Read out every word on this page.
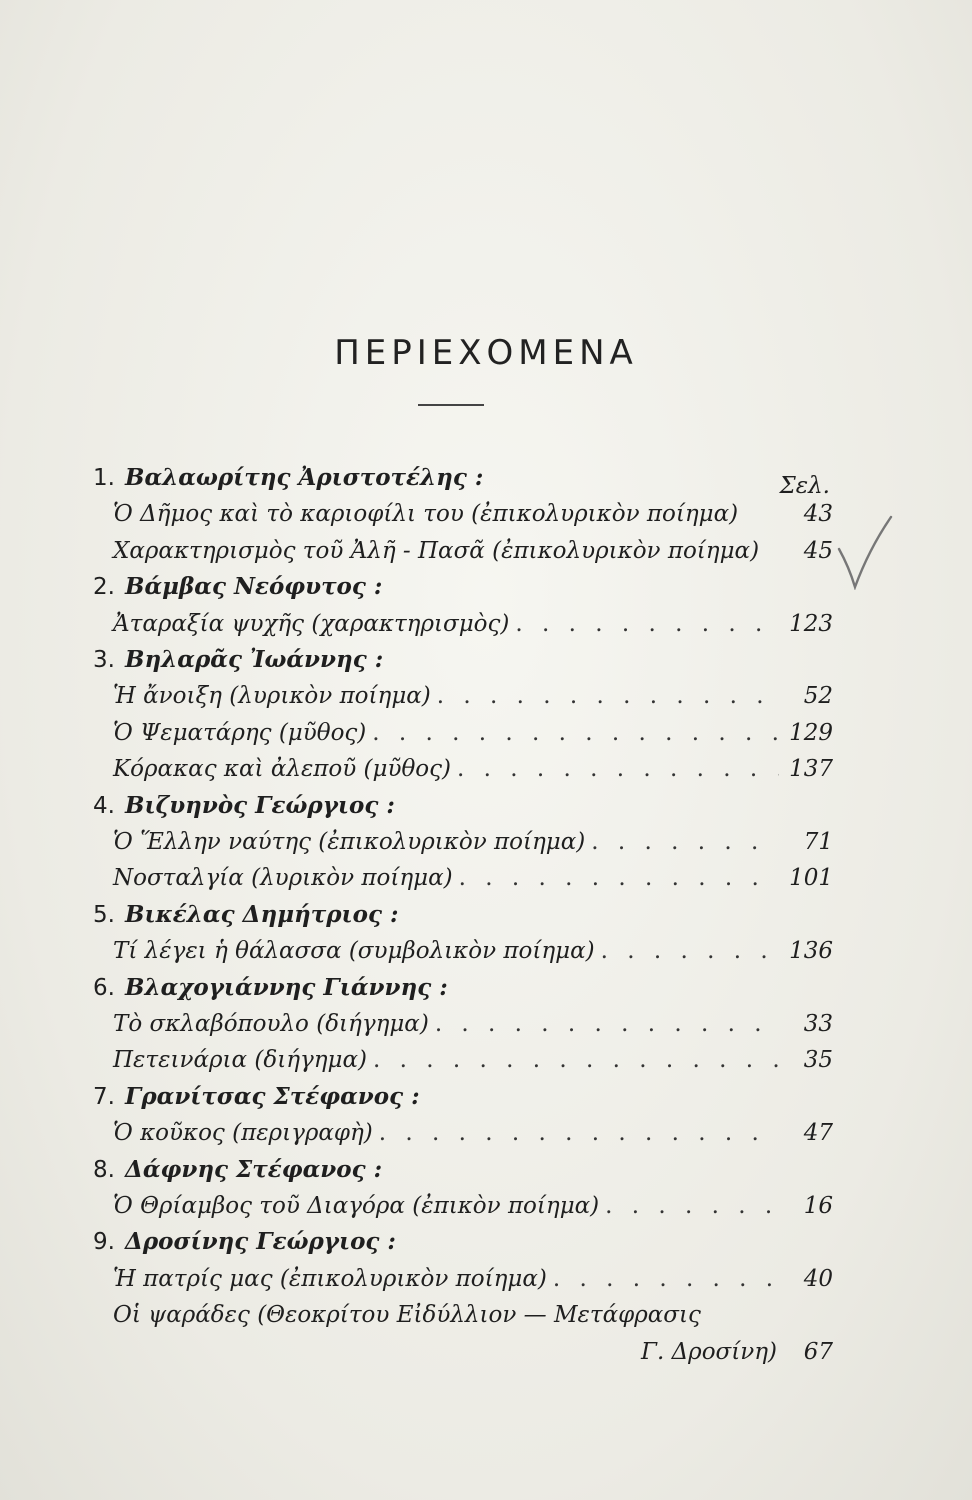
ΠΕΡΙΕΧΟΜΕΝΑ
Σελ.
1. Βαλαωρίτης Ἀριστοτέλης :
Ὁ Δῆμος καὶ τὸ καριοφίλι του (ἐπικολυρικὸν ποίημα)	43
Χαρακτηρισμὸς τοῦ Ἀλῆ - Πασᾶ (ἐπικολυρικὸν ποίημα)	45
2. Βάμβας Νεόφυτος :
Ἀταραξία ψυχῆς (χαρακτηρισμὸς) . . .	123
3. Βηλαρᾶς Ἰωάννης :
Ἡ ἄνοιξη (λυρικὸν ποίημα) . . .	52
Ὁ Ψεματάρης (μῦθος) . . .	129
Κόρακας καὶ ἀλεποῦ (μῦθος) . . .	137
4. Βιζυηνὸς Γεώργιος :
Ὁ Ἕλλην ναύτης (ἐπικολυρικὸν ποίημα) . . .	71
Νοσταλγία (λυρικὸν ποίημα) . . .	101
5. Βικέλας Δημήτριος :
Τί λέγει ἡ θάλασσα (συμβολικὸν ποίημα) . . .	136
6. Βλαχογιάννης Γιάννης :
Τὸ σκλαβόπουλο (διήγημα) . . .	33
Πετεινάρια (διήγημα) . . .	35
7. Γρανίτσας Στέφανος :
Ὁ κοῦκος (περιγραφὴ) . . .	47
8. Δάφνης Στέφανος :
Ὁ Θρίαμβος τοῦ Διαγόρα (ἐπικὸν ποίημα) . . .	16
9. Δροσίνης Γεώργιος :
Ἡ πατρίς μας (ἐπικολυρικὸν ποίημα) . . .	40
Οἱ ψαράδες (Θεοκρίτου Εἰδύλλιον — Μετάφρασις
Γ. Δροσίνη)	67
